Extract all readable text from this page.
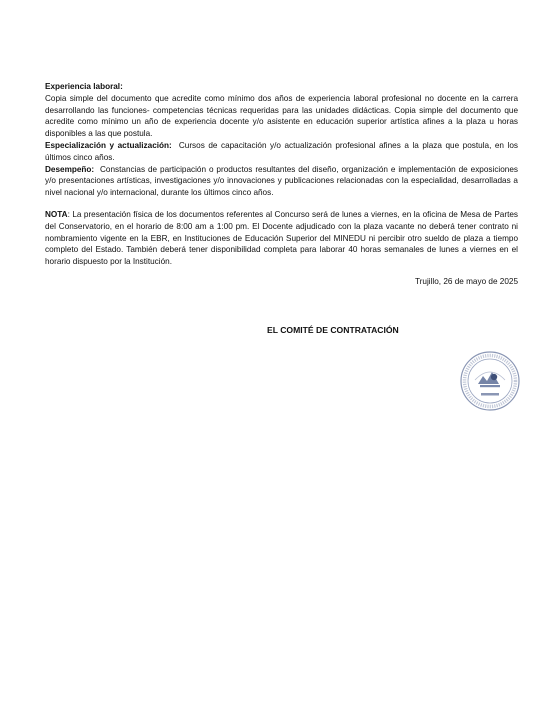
Experiencia laboral:

Copia simple del documento que acredite como mínimo dos años de experiencia laboral profesional no docente en la carrera desarrollando las funciones- competencias técnicas requeridas para las unidades didácticas. Copia simple del documento que acredite como mínimo un año de experiencia docente y/o asistente en educación superior artística afines a la plaza u horas disponibles a las que postula.

Especialización y actualización: Cursos de capacitación y/o actualización profesional afines a la plaza que postula, en los últimos cinco años.

Desempeño: Constancias de participación o productos resultantes del diseño, organización e implementación de exposiciones y/o presentaciones artísticas, investigaciones y/o innovaciones y publicaciones relacionadas con la especialidad, desarrolladas a nivel nacional y/o internacional, durante los últimos cinco años.

NOTA: La presentación física de los documentos referentes al Concurso será de lunes a viernes, en la oficina de Mesa de Partes del Conservatorio, en el horario de 8:00 am a 1:00 pm. El Docente adjudicado con la plaza vacante no deberá tener contrato ni nombramiento vigente en la EBR, en Instituciones de Educación Superior del MINEDU ni percibir otro sueldo de plaza a tiempo completo del Estado. También deberá tener disponibilidad completa para laborar 40 horas semanales de lunes a viernes en el horario dispuesto por la Institución.

Trujillo, 26 de mayo de 2025

EL COMITÉ DE CONTRATACIÓN
